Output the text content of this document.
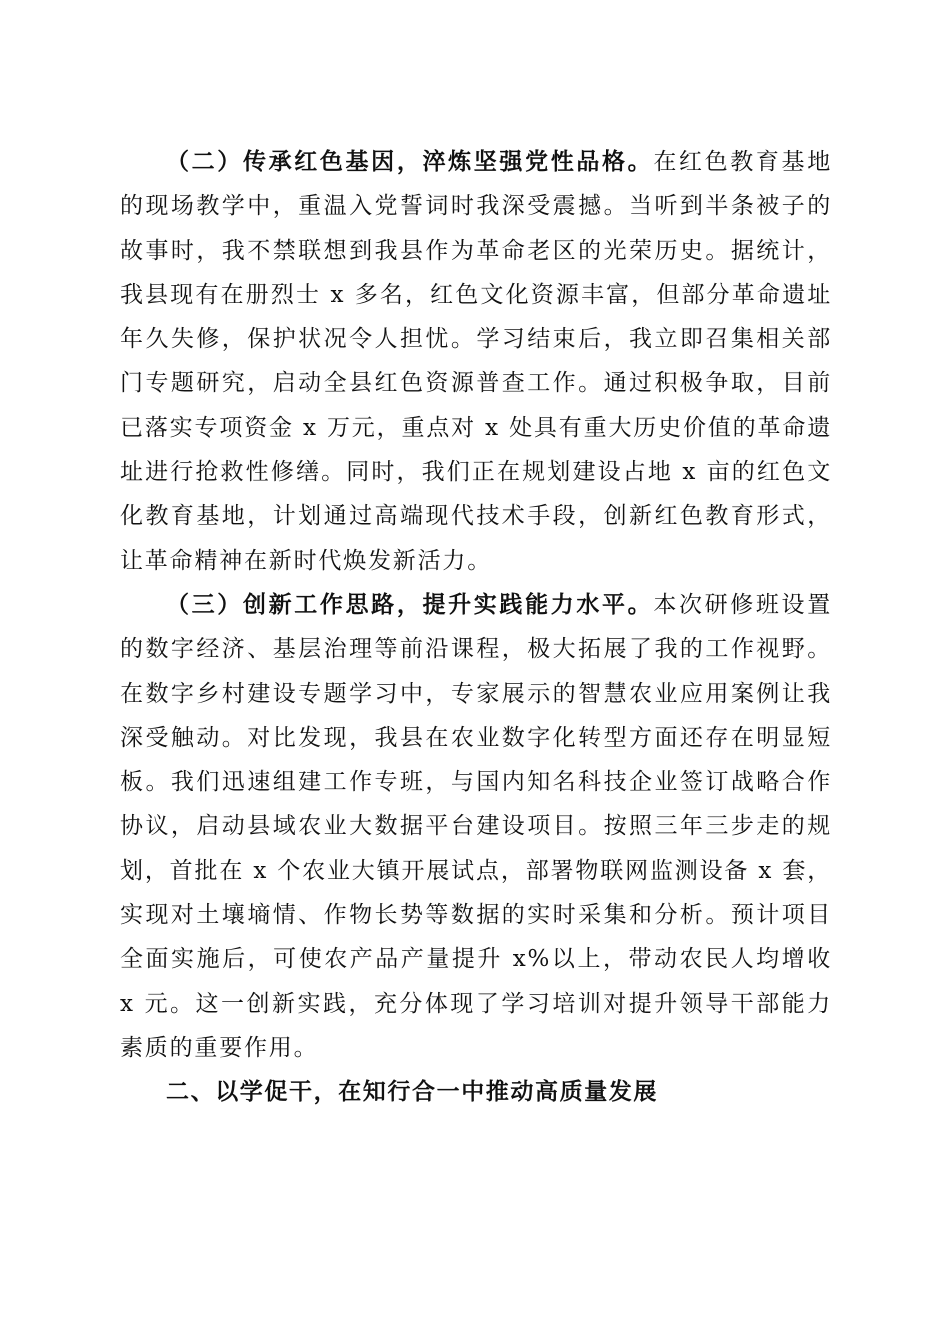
（二）传承红色基因，淬炼坚强党性品格。在红色教育基地的现场教学中，重温入党誓词时我深受震撼。当听到半条被子的故事时，我不禁联想到我县作为革命老区的光荣历史。据统计，我县现有在册烈士 x 多名，红色文化资源丰富，但部分革命遗址年久失修，保护状况令人担忧。学习结束后，我立即召集相关部门专题研究，启动全县红色资源普查工作。通过积极争取，目前已落实专项资金 x 万元，重点对 x 处具有重大历史价值的革命遗址进行抢救性修缮。同时，我们正在规划建设占地 x 亩的红色文化教育基地，计划通过高端现代技术手段，创新红色教育形式，让革命精神在新时代焕发新活力。

（三）创新工作思路，提升实践能力水平。本次研修班设置的数字经济、基层治理等前沿课程，极大拓展了我的工作视野。在数字乡村建设专题学习中，专家展示的智慧农业应用案例让我深受触动。对比发现，我县在农业数字化转型方面还存在明显短板。我们迅速组建工作专班，与国内知名科技企业签订战略合作协议，启动县域农业大数据平台建设项目。按照三年三步走的规划，首批在 x 个农业大镇开展试点，部署物联网监测设备 x 套，实现对土壤墒情、作物长势等数据的实时采集和分析。预计项目全面实施后，可使农产品产量提升 x%以上，带动农民人均增收 x 元。这一创新实践，充分体现了学习培训对提升领导干部能力素质的重要作用。

二、以学促干，在知行合一中推动高质量发展
